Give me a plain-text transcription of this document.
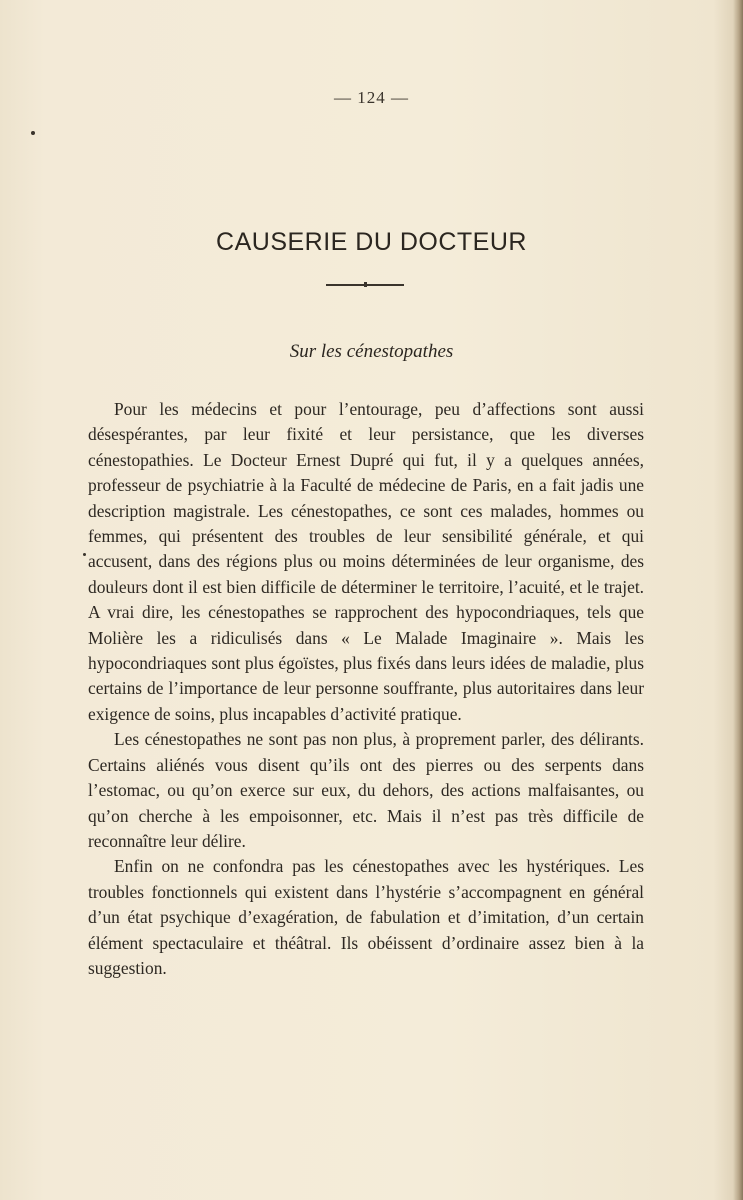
— 124 —
CAUSERIE DU DOCTEUR
Sur les cénestopathes

Pour les médecins et pour l’entourage, peu d’affections sont aussi désespérantes, par leur fixité et leur persistance, que les diverses cénestopathies. Le Docteur Ernest Dupré qui fut, il y a quelques années, professeur de psychiatrie à la Faculté de médecine de Paris, en a fait jadis une description magistrale. Les cénestopathes, ce sont ces malades, hommes ou femmes, qui présentent des troubles de leur sensibilité générale, et qui accusent, dans des régions plus ou moins déterminées de leur organisme, des douleurs dont il est bien difficile de déterminer le territoire, l’acuité, et le trajet. A vrai dire, les cénestopathes se rapprochent des hypocondriaques, tels que Molière les a ridiculisés dans « Le Malade Imaginaire ». Mais les hypocondriaques sont plus égoïstes, plus fixés dans leurs idées de maladie, plus certains de l’importance de leur personne souffrante, plus autoritaires dans leur exigence de soins, plus incapables d’activité pratique.

Les cénestopathes ne sont pas non plus, à proprement parler, des délirants. Certains aliénés vous disent qu’ils ont des pierres ou des serpents dans l’estomac, ou qu’on exerce sur eux, du dehors, des actions malfaisantes, ou qu’on cherche à les empoisonner, etc. Mais il n’est pas très difficile de reconnaître leur délire.

Enfin on ne confondra pas les cénestopathes avec les hystériques. Les troubles fonctionnels qui existent dans l’hystérie s’accompagnent en général d’un état psychique d’exagération, de fabulation et d’imitation, d’un certain élément spectaculaire et théâtral. Ils obéissent d’ordinaire assez bien à la suggestion.
